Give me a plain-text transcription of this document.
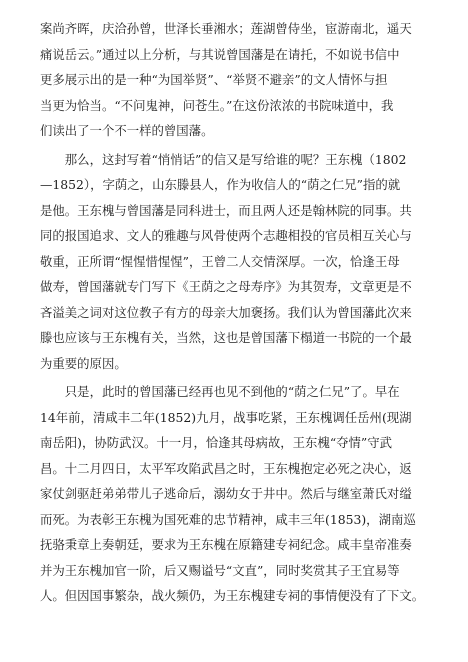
案尚齐晖，庆洽孙曾，世泽长垂湘水；莲湖曾侍坐，宦游南北，遥天
痛说岳云。”通过以上分析，与其说曾国藩是在请托，不如说书信中
更多展示出的是一种“为国举贤”、“举贤不避亲”的文人情怀与担
当更为恰当。“不问鬼神，问苍生。”在这份浓浓的书院味道中，我
们读出了一个不一样的曾国藩。
那么，这封写着“悄悄话”的信又是写给谁的呢？王东槐（1802
—1852），字荫之，山东滕县人，作为收信人的“荫之仁兄”指的就
是他。王东槐与曾国藩是同科进士，而且两人还是翰林院的同事。共
同的报国追求、文人的雅趣与风骨使两个志趣相投的官员相互关心与
敬重，正所谓“惺惺惜惺惺”，王曾二人交情深厚。一次，恰逢王母
做寿，曾国藩就专门写下《王荫之之母寿序》为其贺寿，文章更是不
吝溢美之词对这位教子有方的母亲大加褒扬。我们认为曾国藩此次来
滕也应该与王东槐有关，当然，这也是曾国藩下榻道一书院的一个最
为重要的原因。
只是，此时的曾国藩已经再也见不到他的“荫之仁兄”了。早在
14年前，清咸丰二年(1852)九月，战事吃紧，王东槐调任岳州(现湖
南岳阳)，协防武汉。十一月，恰逢其母病故，王东槐“夺情”守武
昌。十二月四日，太平军攻陷武昌之时，王东槐抱定必死之决心，返
家仗剑驱赶弟弟带儿子逃命后，溺幼女于井中。然后与继室萧氏对缢
而死。为表彰王东槐为国死难的忠节精神，咸丰三年(1853)，湖南巡
抚骆秉章上奏朝廷，要求为王东槐在原籍建专祠纪念。咸丰皇帝准奏
并为王东槐加官一阶，后又赐谥号“文直”，同时奖赏其子王宜易等
人。但因国事繁杂，战火频仍，为王东槐建专祠的事情便没有了下文。
